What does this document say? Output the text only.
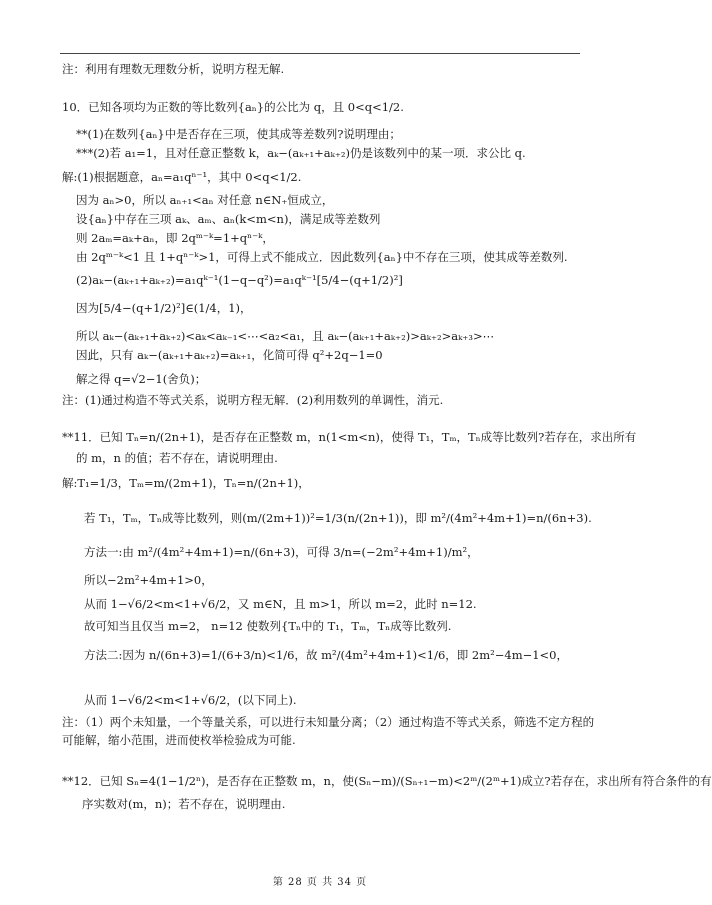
注：利用有理数无理数分析，说明方程无解.
10．已知各项均为正数的等比数列{aₙ}的公比为 q，且 0<q<1/2.
**(1)在数列{aₙ}中是否存在三项，使其成等差数列?说明理由；
***(2)若 a₁=1，且对任意正整数 k，aₖ−(aₖ₊₁+aₖ₊₂)仍是该数列中的某一项．求公比 q.
解:(1)根据题意，aₙ=a₁qⁿ⁻¹，其中 0<q<1/2.
因为 aₙ>0，所以 aₙ₊₁<aₙ 对任意 n∈N₊恒成立，
设{aₙ}中存在三项 aₖ、aₘ、aₙ(k<m<n)，满足成等差数列
则 2aₘ=aₖ+aₙ，即 2qᵐ⁻ᵏ=1+qⁿ⁻ᵏ，
由 2qᵐ⁻ᵏ<1 且 1+qⁿ⁻ᵏ>1，可得上式不能成立．因此数列{aₙ}中不存在三项，使其成等差数列.
(2)aₖ−(aₖ₊₁+aₖ₊₂)=a₁qᵏ⁻¹(1−q−q²)=a₁qᵏ⁻¹[5/4−(q+1/2)²]
因为[5/4−(q+1/2)²]∈(1/4，1)，
所以 aₖ−(aₖ₊₁+aₖ₊₂)<aₖ<aₖ₋₁<⋯<a₂<a₁，且 aₖ−(aₖ₊₁+aₖ₊₂)>aₖ₊₂>aₖ₊₃>⋯
因此，只有 aₖ−(aₖ₊₁+aₖ₊₂)=aₖ₊₁，化简可得 q²+2q−1=0
解之得 q=√2−1(舍负)；
注：(1)通过构造不等式关系，说明方程无解．(2)利用数列的单调性，消元.
**11．已知 Tₙ=n/(2n+1)，是否存在正整数 m，n(1<m<n)，使得 T₁，Tₘ，Tₙ成等比数列?若存在，求出所有
的 m，n 的值；若不存在，请说明理由.
解:T₁=1/3，Tₘ=m/(2m+1)，Tₙ=n/(2n+1)，
若 T₁，Tₘ，Tₙ成等比数列，则(m/(2m+1))²=1/3(n/(2n+1))，即 m²/(4m²+4m+1)=n/(6n+3).
方法一:由 m²/(4m²+4m+1)=n/(6n+3)，可得 3/n=(−2m²+4m+1)/m²，
所以−2m²+4m+1>0，
从而 1−√6/2<m<1+√6/2，又 m∈N，且 m>1，所以 m=2，此时 n=12.
故可知当且仅当 m=2， n=12 使数列{Tₙ中的 T₁，Tₘ，Tₙ成等比数列.
方法二:因为 n/(6n+3)=1/(6+3/n)<1/6，故 m²/(4m²+4m+1)<1/6，即 2m²−4m−1<0，
从而 1−√6/2<m<1+√6/2，(以下同上).
注：（1）两个未知量，一个等量关系，可以进行未知量分离；（2）通过构造不等式关系，筛选不定方程的
可能解，缩小范围，进而使枚举检验成为可能.
**12．已知 Sₙ=4(1−1/2ⁿ)，是否存在正整数 m，n，使(Sₙ−m)/(Sₙ₊₁−m)<2ᵐ/(2ᵐ+1)成立?若存在，求出所有符合条件的有
序实数对(m，n)；若不存在，说明理由.
第 28 页 共 34 页
